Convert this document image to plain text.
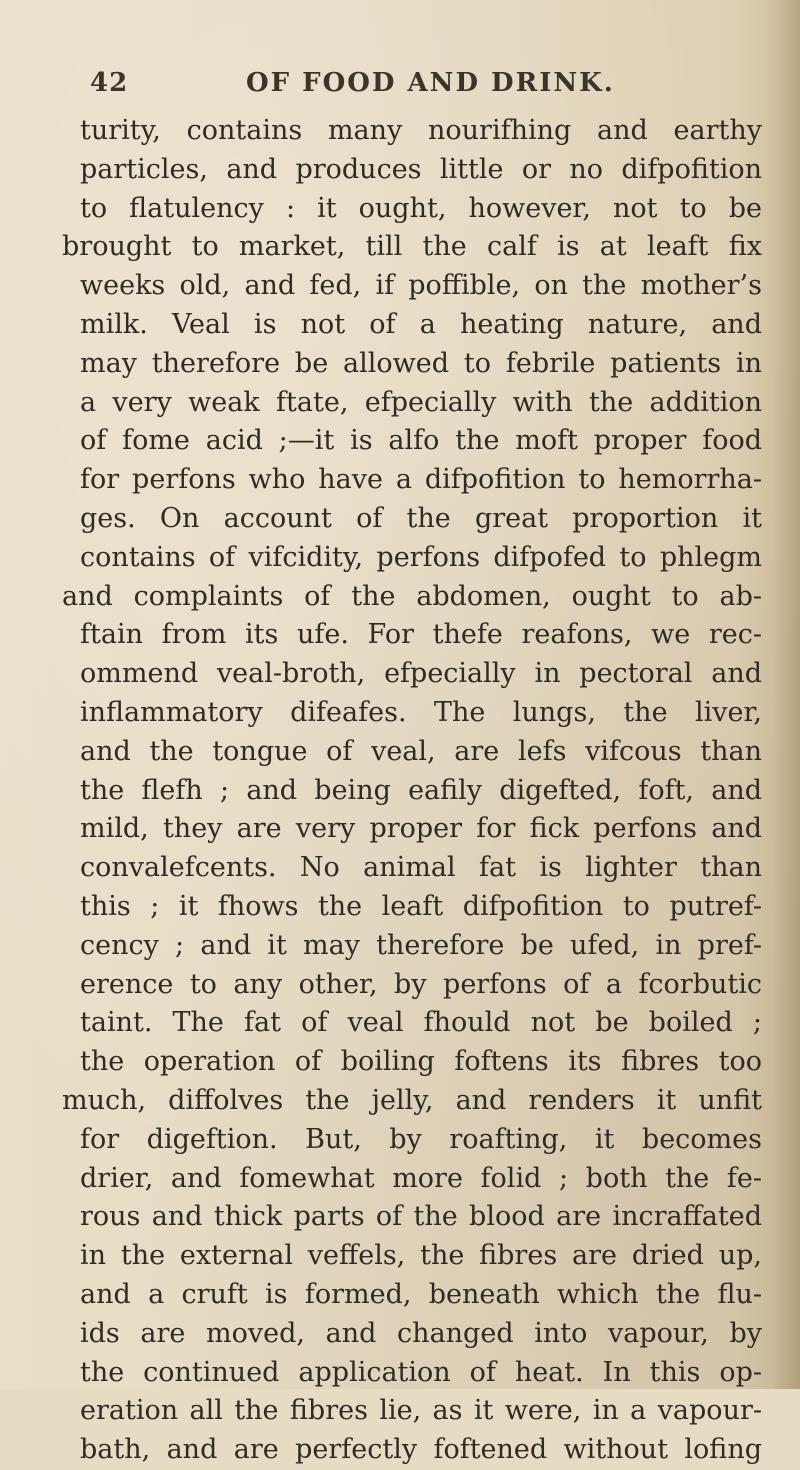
42	OF FOOD AND DRINK.
turity, contains many nourifhing and earthy
particles, and produces little or no difpofition
to flatulency : it ought, however, not to be
brought to market, till the calf is at leaft fix
weeks old, and fed, if poffible, on the mother’s
milk. Veal is not of a heating nature, and
may therefore be allowed to febrile patients in
a very weak ftate, efpecially with the addition
of fome acid ;—it is alfo the moft proper food
for perfons who have a difpofition to hemorrha-
ges. On account of the great proportion it
contains of vifcidity, perfons difpofed to phlegm
and complaints of the abdomen, ought to ab-
ftain from its ufe. For thefe reafons, we rec-
ommend veal-broth, efpecially in pectoral and
inflammatory difeafes. The lungs, the liver,
and the tongue of veal, are lefs vifcous than
the flefh ; and being eafily digefted, foft, and
mild, they are very proper for fick perfons and
convalefcents. No animal fat is lighter than
this ; it fhows the leaft difpofition to putref-
cency ; and it may therefore be ufed, in pref-
erence to any other, by perfons of a fcorbutic
taint. The fat of veal fhould not be boiled ;
the operation of boiling foftens its fibres too
much, diffolves the jelly, and renders it unfit
for digeftion. But, by roafting, it becomes
drier, and fomewhat more folid ; both the fe-
rous and thick parts of the blood are incraffated
in the external veffels, the fibres are dried up,
and a cruft is formed, beneath which the flu-
ids are moved, and changed into vapour, by
the continued application of heat. In this op-
eration all the fibres lie, as it were, in a vapour-
bath, and are perfectly foftened without lofing
